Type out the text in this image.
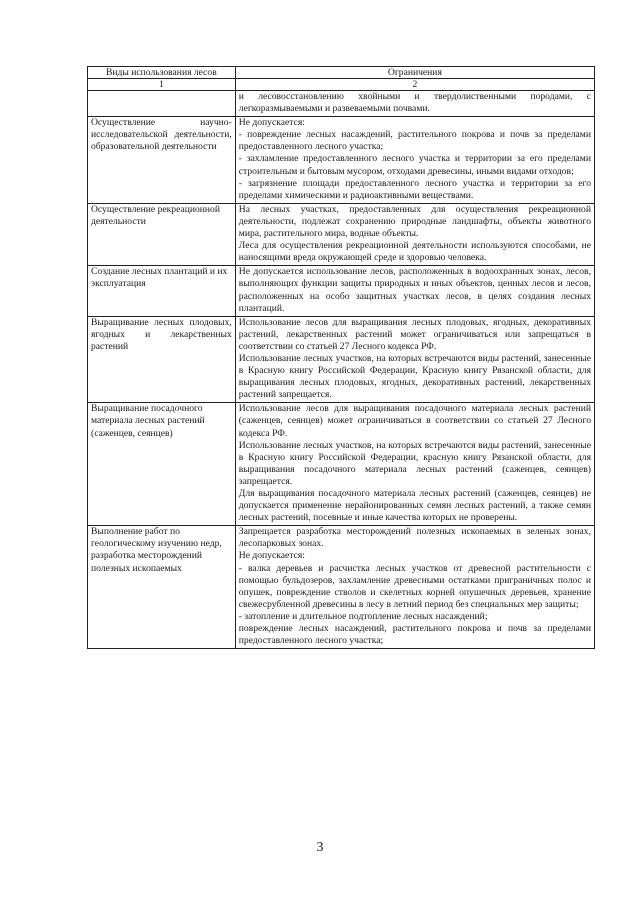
Виды использования лесов	Ограничения
1	2
	и лесовосстановлению хвойными и твердолиственными породами, с легкоразмываемыми и развеваемыми почвами.
Осуществление научно-исследовательской деятельности, образовательной деятельности	Не допускается:

- повреждение лесных насаждений, растительного покрова и почв за пределами предоставленного лесного участка;

- захламление предоставленного лесного участка и территории за его пределами строительным и бытовым мусором, отходами древесины, иными видами отходов;

- загрязнение площади предоставленного лесного участка и территории за его пределами химическими и радиоактивными веществами.

Осуществление рекреационной деятельности	На лесных участках, предоставленных для осуществления рекреационной деятельности, подлежат сохранению природные ландшафты, объекты животного мира, растительного мира, водные объекты.

Леса для осуществления рекреационной деятельности используются способами, не наносящими вреда окружающей среде и здоровью человека.

Создание лесных плантаций и их эксплуатация	Не допускается использование лесов, расположенных в водоохранных зонах, лесов, выполняющих функции защиты природных и иных объектов, ценных лесов и лесов, расположенных на особо защитных участках лесов, в целях создания лесных плантаций.

Выращивание лесных плодовых, ягодных и лекарственных растений	Использование лесов для выращивания лесных плодовых, ягодных, декоративных растений, лекарственных растений может ограничиваться или запрещаться в соответствии со статьей 27 Лесного кодекса РФ.

Использование лесных участков, на которых встречаются виды растений, занесенные в Красную книгу Российской Федерации, Красную книгу Рязанской области, для выращивания лесных плодовых, ягодных, декоративных растений, лекарственных растений запрещается.

Выращивание посадочного материала лесных растений (саженцев, сеянцев)	Использование лесов для выращивания посадочного материала лесных растений (саженцев, сеянцев) может ограничиваться в соответствии со статьей 27 Лесного кодекса РФ.

Использование лесных участков, на которых встречаются виды растений, занесенные в Красную книгу Российской Федерации, красную книгу Рязанской области, для выращивания посадочного материала лесных растений (саженцев, сеянцев) запрещается.

Для выращивания посадочного материала лесных растений (саженцев, сеянцев) не допускается применение нерайонированных семян лесных растений, а также семян лесных растений, посевные и иные качества которых не проверены.

Выполнение работ по геологическому изучению недр, разработка месторождений полезных ископаемых	Запрещается разработка месторождений полезных ископаемых в зеленых зонах, лесопарковых зонах.

Не допускается:

- валка деревьев и расчистка лесных участков от древесной растительности с помощью бульдозеров, захламление древесными остатками приграничных полос и опушек, повреждение стволов и скелетных корней опушечных деревьев, хранение свежесрубленной древесины в лесу в летний период без специальных мер защиты;

- затопление и длительное подтопление лесных насаждений;

повреждение лесных насаждений, растительного покрова и почв за пределами предоставленного лесного участка;

3
